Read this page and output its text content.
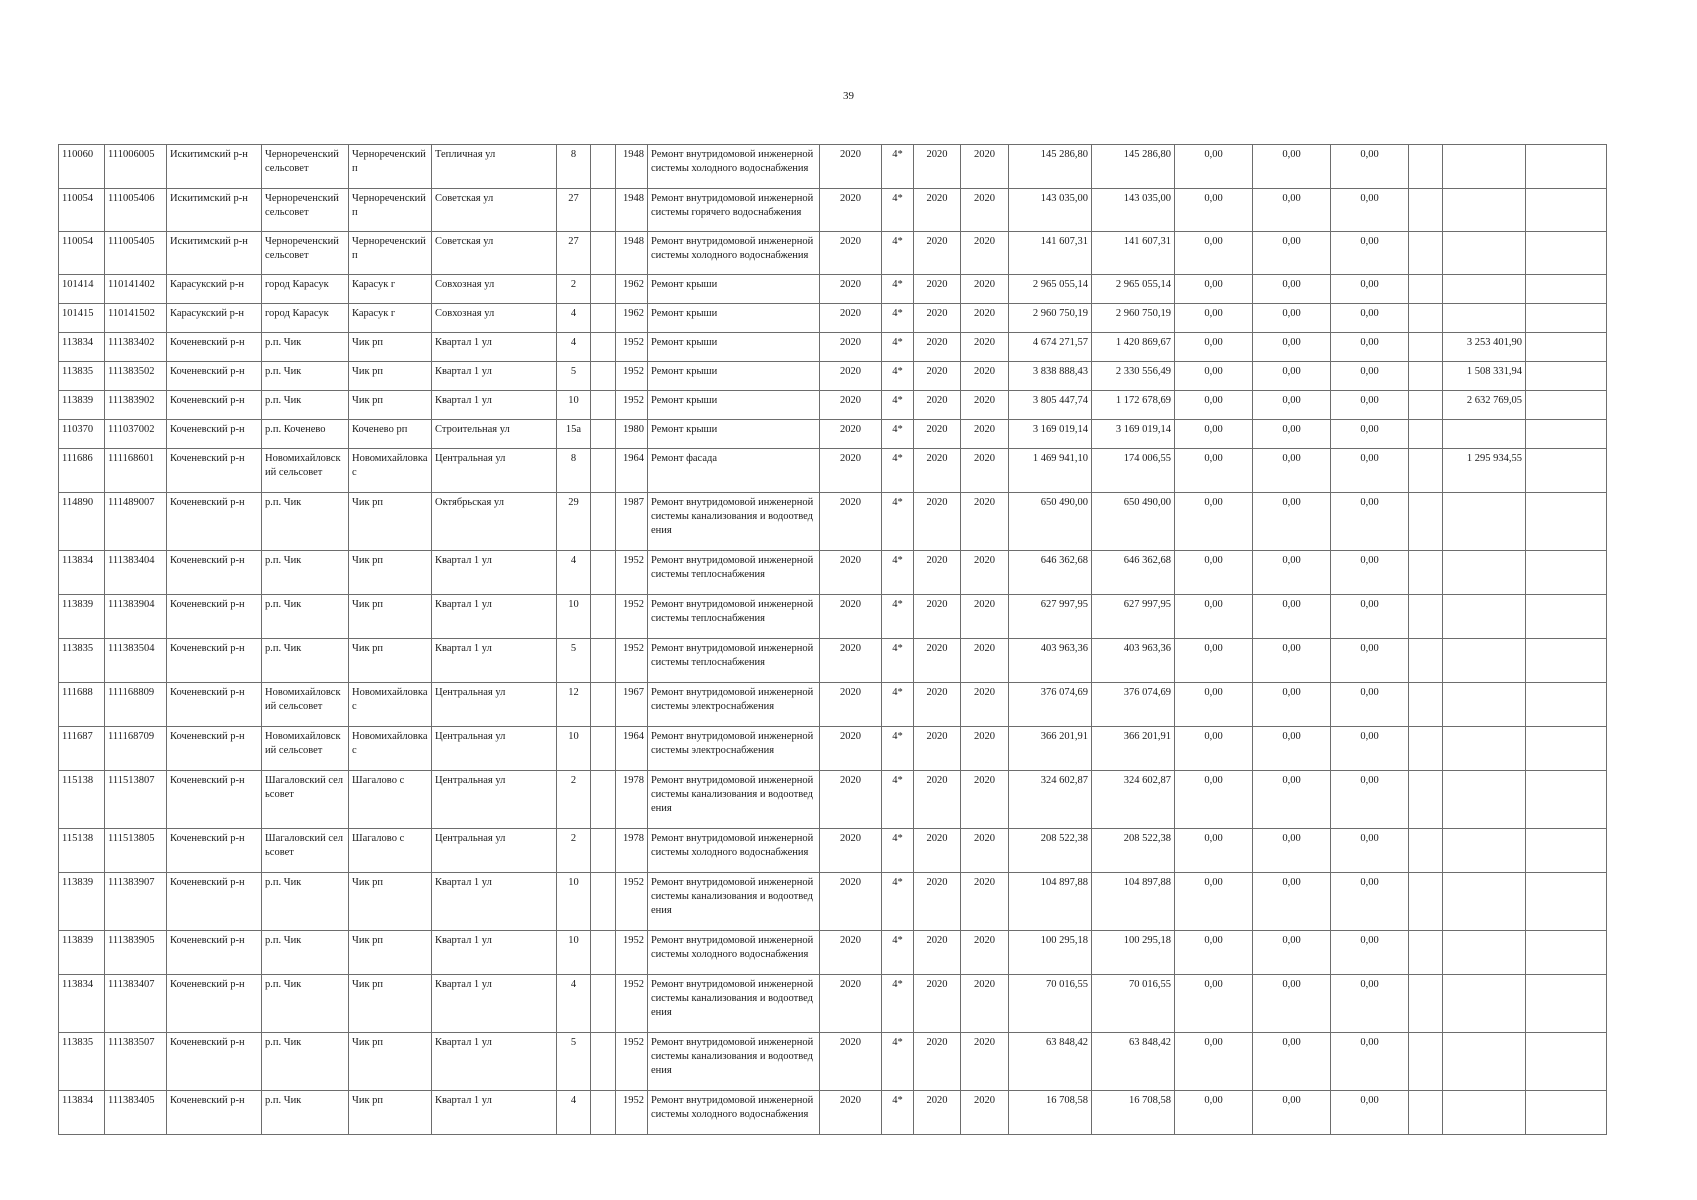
39
110060	111006005	Искитимский р-н	Чернореченский сельсовет	Чернореченский п	Тепличная ул	8		1948	Ремонт внутридомовой инженерной системы холодного водоснабжения	2020	4*	2020	2020	145 286,80	145 286,80	0,00	0,00	0,00			
110054	111005406	Искитимский р-н	Чернореченский сельсовет	Чернореченский п	Советская ул	27		1948	Ремонт внутридомовой инженерной системы горячего водоснабжения	2020	4*	2020	2020	143 035,00	143 035,00	0,00	0,00	0,00			
110054	111005405	Искитимский р-н	Чернореченский сельсовет	Чернореченский п	Советская ул	27		1948	Ремонт внутридомовой инженерной системы холодного водоснабжения	2020	4*	2020	2020	141 607,31	141 607,31	0,00	0,00	0,00			
101414	110141402	Карасукский р-н	город Карасук	Карасук г	Совхозная ул	2		1962	Ремонт крыши	2020	4*	2020	2020	2 965 055,14	2 965 055,14	0,00	0,00	0,00			
101415	110141502	Карасукский р-н	город Карасук	Карасук г	Совхозная ул	4		1962	Ремонт крыши	2020	4*	2020	2020	2 960 750,19	2 960 750,19	0,00	0,00	0,00			
113834	111383402	Коченевский р-н	р.п. Чик	Чик рп	Квартал 1 ул	4		1952	Ремонт крыши	2020	4*	2020	2020	4 674 271,57	1 420 869,67	0,00	0,00	0,00		3 253 401,90	
113835	111383502	Коченевский р-н	р.п. Чик	Чик рп	Квартал 1 ул	5		1952	Ремонт крыши	2020	4*	2020	2020	3 838 888,43	2 330 556,49	0,00	0,00	0,00		1 508 331,94	
113839	111383902	Коченевский р-н	р.п. Чик	Чик рп	Квартал 1 ул	10		1952	Ремонт крыши	2020	4*	2020	2020	3 805 447,74	1 172 678,69	0,00	0,00	0,00		2 632 769,05	
110370	111037002	Коченевский р-н	р.п. Коченево	Коченево рп	Строительная ул	15а		1980	Ремонт крыши	2020	4*	2020	2020	3 169 019,14	3 169 019,14	0,00	0,00	0,00			
111686	111168601	Коченевский р-н	Новомихайловский сельсовет	Новомихайловка с	Центральная ул	8		1964	Ремонт фасада	2020	4*	2020	2020	1 469 941,10	174 006,55	0,00	0,00	0,00		1 295 934,55	
114890	111489007	Коченевский р-н	р.п. Чик	Чик рп	Октябрьская ул	29		1987	Ремонт внутридомовой инженерной системы канализования и водоотведения	2020	4*	2020	2020	650 490,00	650 490,00	0,00	0,00	0,00			
113834	111383404	Коченевский р-н	р.п. Чик	Чик рп	Квартал 1 ул	4		1952	Ремонт внутридомовой инженерной системы теплоснабжения	2020	4*	2020	2020	646 362,68	646 362,68	0,00	0,00	0,00			
113839	111383904	Коченевский р-н	р.п. Чик	Чик рп	Квартал 1 ул	10		1952	Ремонт внутридомовой инженерной системы теплоснабжения	2020	4*	2020	2020	627 997,95	627 997,95	0,00	0,00	0,00			
113835	111383504	Коченевский р-н	р.п. Чик	Чик рп	Квартал 1 ул	5		1952	Ремонт внутридомовой инженерной системы теплоснабжения	2020	4*	2020	2020	403 963,36	403 963,36	0,00	0,00	0,00			
111688	111168809	Коченевский р-н	Новомихайловский сельсовет	Новомихайловка с	Центральная ул	12		1967	Ремонт внутридомовой инженерной системы электроснабжения	2020	4*	2020	2020	376 074,69	376 074,69	0,00	0,00	0,00			
111687	111168709	Коченевский р-н	Новомихайловский сельсовет	Новомихайловка с	Центральная ул	10		1964	Ремонт внутридомовой инженерной системы электроснабжения	2020	4*	2020	2020	366 201,91	366 201,91	0,00	0,00	0,00			
115138	111513807	Коченевский р-н	Шагаловский сельсовет	Шагалово с	Центральная ул	2		1978	Ремонт внутридомовой инженерной системы канализования и водоотведения	2020	4*	2020	2020	324 602,87	324 602,87	0,00	0,00	0,00			
115138	111513805	Коченевский р-н	Шагаловский сельсовет	Шагалово с	Центральная ул	2		1978	Ремонт внутридомовой инженерной системы холодного водоснабжения	2020	4*	2020	2020	208 522,38	208 522,38	0,00	0,00	0,00			
113839	111383907	Коченевский р-н	р.п. Чик	Чик рп	Квартал 1 ул	10		1952	Ремонт внутридомовой инженерной системы канализования и водоотведения	2020	4*	2020	2020	104 897,88	104 897,88	0,00	0,00	0,00			
113839	111383905	Коченевский р-н	р.п. Чик	Чик рп	Квартал 1 ул	10		1952	Ремонт внутридомовой инженерной системы холодного водоснабжения	2020	4*	2020	2020	100 295,18	100 295,18	0,00	0,00	0,00			
113834	111383407	Коченевский р-н	р.п. Чик	Чик рп	Квартал 1 ул	4		1952	Ремонт внутридомовой инженерной системы канализования и водоотведения	2020	4*	2020	2020	70 016,55	70 016,55	0,00	0,00	0,00			
113835	111383507	Коченевский р-н	р.п. Чик	Чик рп	Квартал 1 ул	5		1952	Ремонт внутридомовой инженерной системы канализования и водоотведения	2020	4*	2020	2020	63 848,42	63 848,42	0,00	0,00	0,00			
113834	111383405	Коченевский р-н	р.п. Чик	Чик рп	Квартал 1 ул	4		1952	Ремонт внутридомовой инженерной системы холодного водоснабжения	2020	4*	2020	2020	16 708,58	16 708,58	0,00	0,00	0,00			
